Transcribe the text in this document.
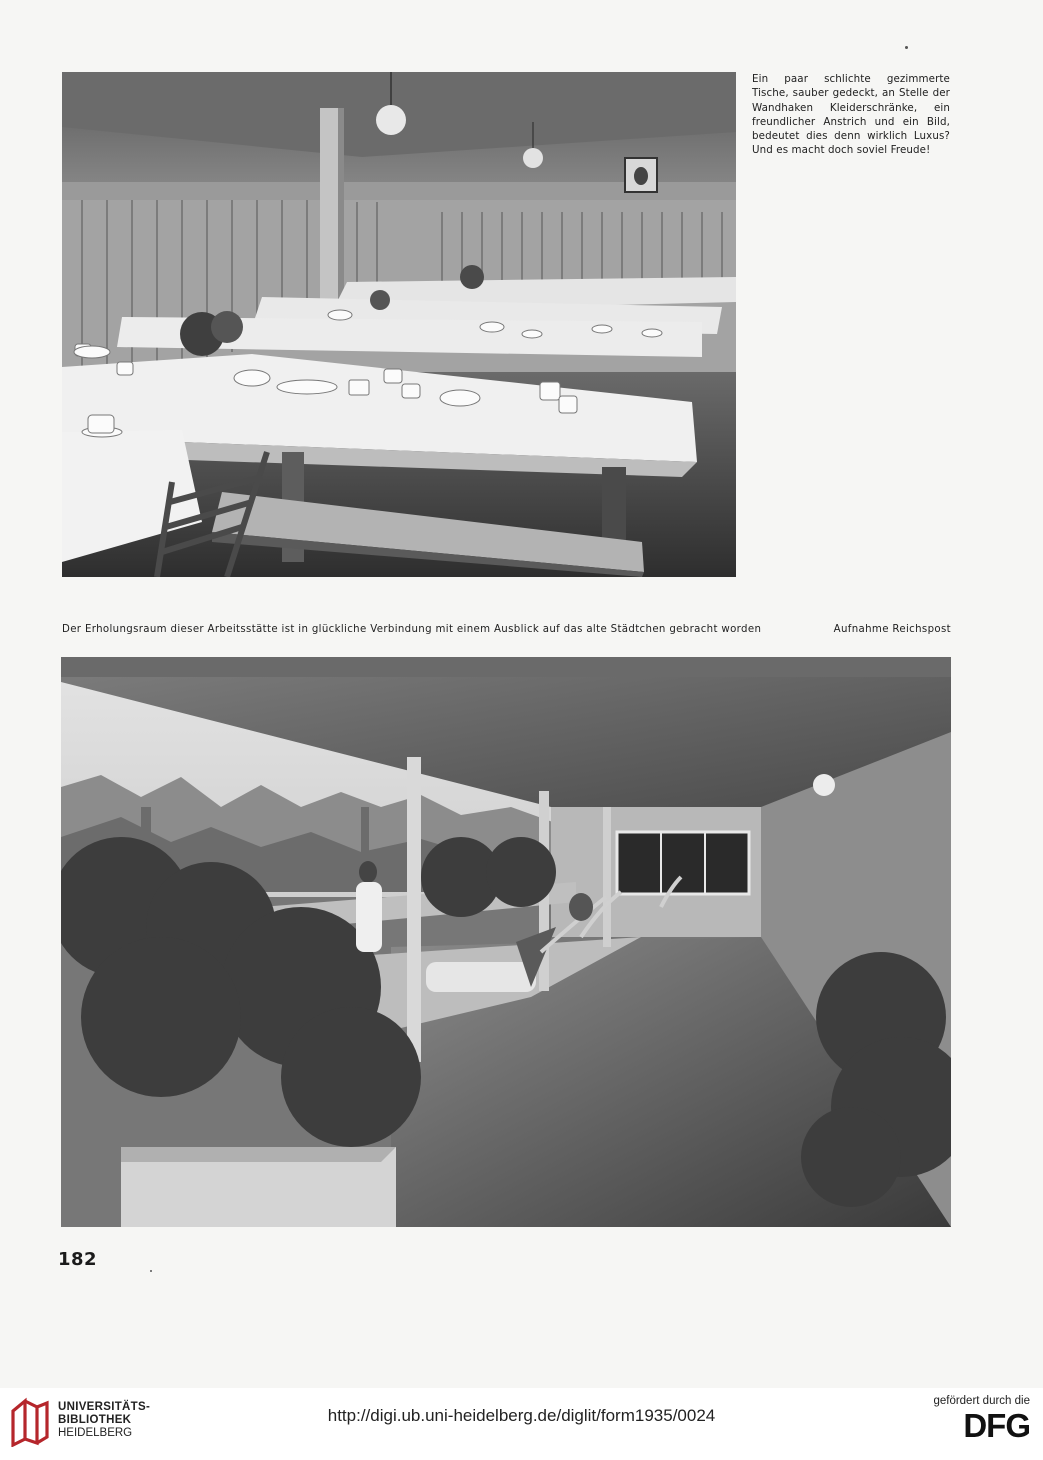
Ein paar schlichte gezimmerte Tische, sauber gedeckt, an Stelle der Wandhaken Kleiderschränke, ein freundlicher Anstrich und ein Bild, bedeutet dies denn wirklich Luxus? Und es macht doch soviel Freude!
Der Erholungsraum dieser Arbeitsstätte ist in glückliche Verbindung mit einem Ausblick auf das alte Städtchen gebracht worden	Aufnahme Reichspost
182
UNIVERSITÄTS-
BIBLIOTHEK
HEIDELBERG
http://digi.ub.uni-heidelberg.de/diglit/form1935/0024
gefördert durch die
DFG
